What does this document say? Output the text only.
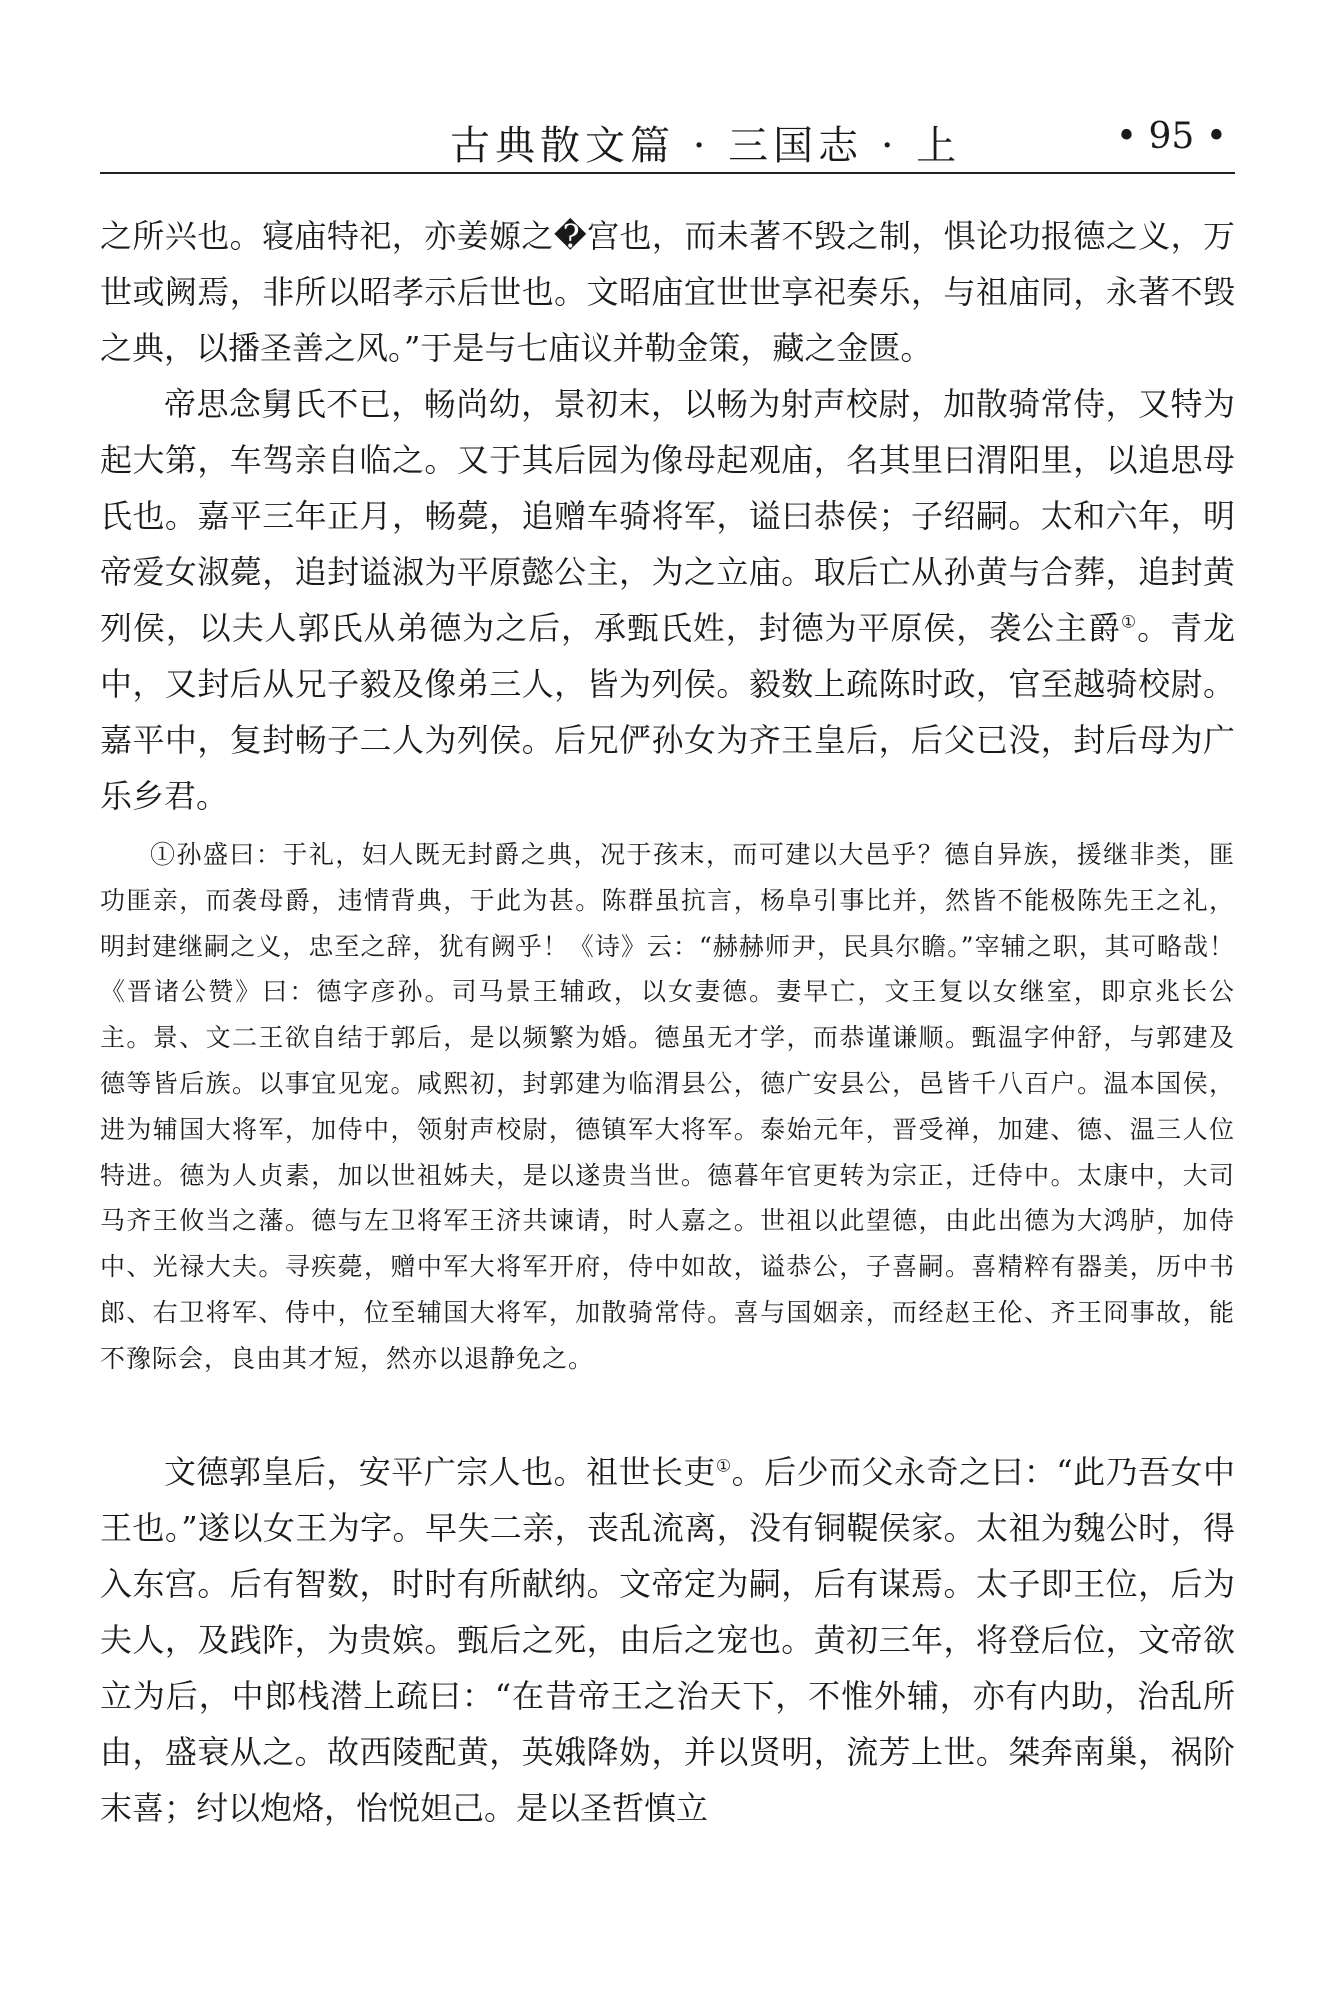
古典散文篇 · 三国志 · 上	• 95 •

之所兴也。寝庙特祀，亦姜嫄之�宫也，而未著不毁之制，惧论功报德之义，万世或阙焉，非所以昭孝示后世也。文昭庙宜世世享祀奏乐，与祖庙同，永著不毁之典，以播圣善之风。”于是与七庙议并勒金策，藏之金匮。

帝思念舅氏不已，畅尚幼，景初末，以畅为射声校尉，加散骑常侍，又特为起大第，车驾亲自临之。又于其后园为像母起观庙，名其里曰渭阳里，以追思母氏也。嘉平三年正月，畅薨，追赠车骑将军，谥曰恭侯；子绍嗣。太和六年，明帝爱女淑薨，追封谥淑为平原懿公主，为之立庙。取后亡从孙黄与合葬，追封黄列侯，以夫人郭氏从弟德为之后，承甄氏姓，封德为平原侯，袭公主爵①。青龙中，又封后从兄子毅及像弟三人，皆为列侯。毅数上疏陈时政，官至越骑校尉。嘉平中，复封畅子二人为列侯。后兄俨孙女为齐王皇后，后父已没，封后母为广乐乡君。

①孙盛曰：于礼，妇人既无封爵之典，况于孩末，而可建以大邑乎？德自异族，援继非类，匪功匪亲，而袭母爵，违情背典，于此为甚。陈群虽抗言，杨阜引事比并，然皆不能极陈先王之礼，明封建继嗣之义，忠至之辞，犹有阙乎！《诗》云：“赫赫师尹，民具尔瞻。”宰辅之职，其可略哉！《晋诸公赞》曰：德字彦孙。司马景王辅政，以女妻德。妻早亡，文王复以女继室，即京兆长公主。景、文二王欲自结于郭后，是以频繁为婚。德虽无才学，而恭谨谦顺。甄温字仲舒，与郭建及德等皆后族。以事宜见宠。咸熙初，封郭建为临渭县公，德广安县公，邑皆千八百户。温本国侯，进为辅国大将军，加侍中，领射声校尉，德镇军大将军。泰始元年，晋受禅，加建、德、温三人位特进。德为人贞素，加以世祖姊夫，是以遂贵当世。德暮年官更转为宗正，迁侍中。太康中，大司马齐王攸当之藩。德与左卫将军王济共谏请，时人嘉之。世祖以此望德，由此出德为大鸿胪，加侍中、光禄大夫。寻疾薨，赠中军大将军开府，侍中如故，谥恭公，子喜嗣。喜精粹有器美，历中书郎、右卫将军、侍中，位至辅国大将军，加散骑常侍。喜与国姻亲，而经赵王伦、齐王冏事故，能不豫际会，良由其才短，然亦以退静免之。

文德郭皇后，安平广宗人也。祖世长吏①。后少而父永奇之曰：“此乃吾女中王也。”遂以女王为字。早失二亲，丧乱流离，没有铜鞮侯家。太祖为魏公时，得入东宫。后有智数，时时有所献纳。文帝定为嗣，后有谋焉。太子即王位，后为夫人，及践阼，为贵嫔。甄后之死，由后之宠也。黄初三年，将登后位，文帝欲立为后，中郎栈潜上疏曰：“在昔帝王之治天下，不惟外辅，亦有内助，治乱所由，盛衰从之。故西陵配黄，英娥降妫，并以贤明，流芳上世。桀奔南巢，祸阶末喜；纣以炮烙，怡悦妲己。是以圣哲慎立
